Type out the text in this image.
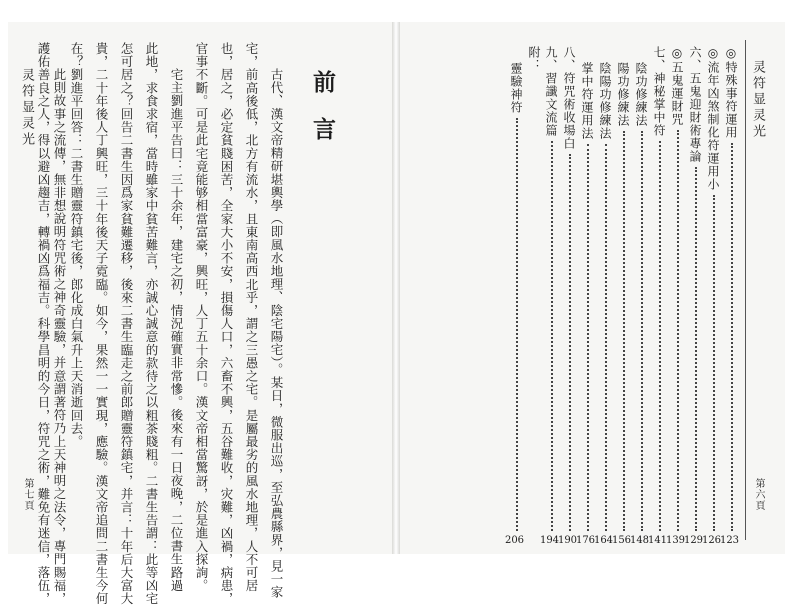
灵符显灵光
第七頁
前言
古代、漢文帝精研堪輿學（即風水地理、陰宅陽宅）。某日，微服出巡，至弘農縣界，見一家
宅，前高後低，北方有流水，且東南高西北乎，謂之三愚之宅。是屬最劣的風水地理，人不可居
也，居之，必定貧賤困苦，全家大小不安，損傷人口，六畜不興，五谷難收，灾難，凶禍，病患，
官事不斷。可是此宅竟能够相當富豪，興旺，人丁五十余口。漢文帝相當驚訝，於是進入探詢。
宅主劉進平告曰：三十余年，建宅之初，情況確實非常慘。後來有一日夜晚，二位書生路過
此地，求食求宿，當時雖家中貧苦難言，亦誠心誠意的款待之以粗茶賤粗。二書生告謂：此等凶宅
怎可居之？回告二書生因爲家貧難遷移，後來二書生臨走之前郎贈靈符鎮宅，并言：十年后大富大
貴，二十年後人丁興旺，三十年後天子霓臨。如今，果然一一實現，應驗。漢文帝追問二書生今何
在？劉進平回答：二書生贈靈符鎮宅後，郎化成白氣升上天消逝回去。
此則故事之流傳，無非想說明符咒術之神奇靈驗，并意謂著符乃上天神明之法令，專門賜福，
護佑善良之人，得以避凶趨吉，轉禍凶爲福吉。科學昌明的今日，符咒之術，難免有迷信，落伍，	灵符显灵光
第六頁
◎特殊事符運用
123
◎流年凶煞制化符運用小
126
六、五鬼迎財術專論
129
◎五鬼運財咒
139
七、神秘掌中符
141
陰功修練法
148
陽功修練法
156
陰陽功修練法
164
掌中符運用法
176
八、符咒術收場白
190
九、習讖文流篇
194
附：
靈驗神符
206
